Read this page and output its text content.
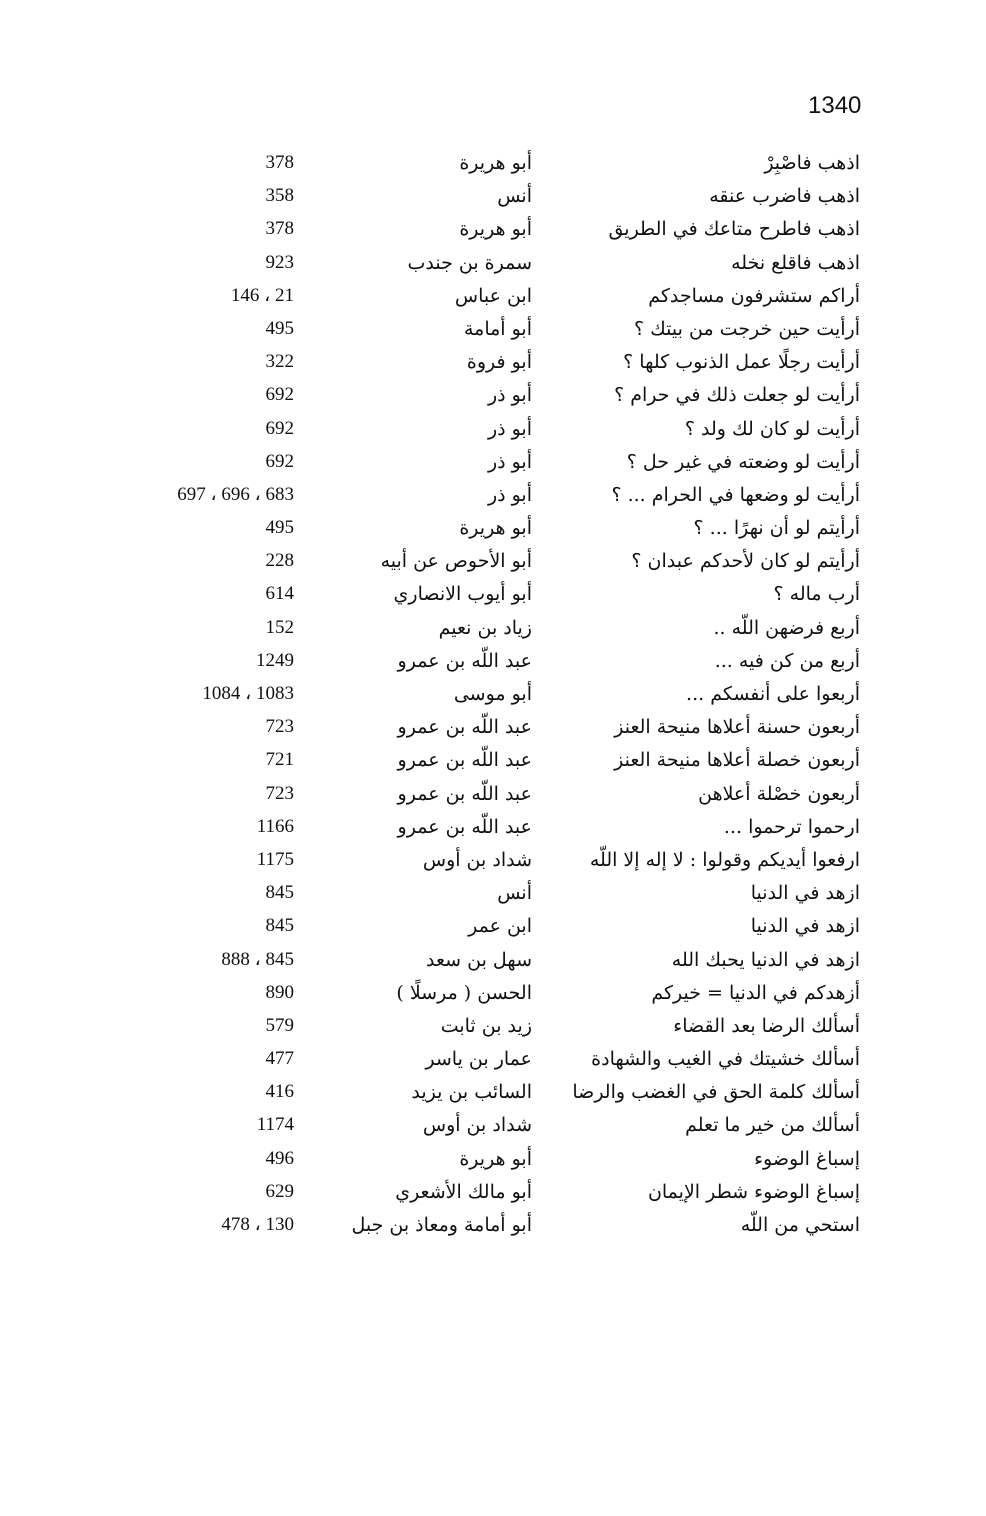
1340
اذهب فاصْبِرْ
أبو هريرة
378
اذهب فاضرب عنقه
أنس
358
اذهب فاطرح متاعك في الطريق
أبو هريرة
378
اذهب فاقلع نخله
سمرة بن جندب
923
أراكم ستشرفون مساجدكم
ابن عباس
21 ، 146
أرأيت حين خرجت من بيتك ؟
أبو أمامة
495
أرأيت رجلًا عمل الذنوب كلها ؟
أبو فروة
322
أرأيت لو جعلت ذلك في حرام ؟
أبو ذر
692
أرأيت لو كان لك ولد ؟
أبو ذر
692
أرأيت لو وضعته في غير حل ؟
أبو ذر
692
أرأيت لو وضعها في الحرام ... ؟
أبو ذر
683 ، 696 ، 697
أرأيتم لو أن نهرًا ... ؟
أبو هريرة
495
أرأيتم لو كان لأحدكم عبدان ؟
أبو الأحوص عن أبيه
228
أرب ماله ؟
أبو أيوب الانصاري
614
أربع فرضهن اللّه ..
زياد بن نعيم
152
أربع من كن فيه ...
عبد اللّه بن عمرو
1249
أربعوا على أنفسكم ...
أبو موسى
1083 ، 1084
أربعون حسنة أعلاها منيحة العنز
عبد اللّه بن عمرو
723
أربعون خصلة أعلاها منيحة العنز
عبد اللّه بن عمرو
721
أربعون خصْلة أعلاهن
عبد اللّه بن عمرو
723
ارحموا ترحموا ...
عبد اللّه بن عمرو
1166
ارفعوا أيديكم وقولوا : لا إله إلا اللّه
شداد بن أوس
1175
ازهد في الدنيا
أنس
845
ازهد في الدنيا
ابن عمر
845
ازهد في الدنيا يحبك الله
سهل بن سعد
845 ، 888
أزهدكم في الدنيا = خيركم
الحسن ( مرسلًا )
890
أسألك الرضا بعد القضاء
زيد بن ثابت
579
أسألك خشيتك في الغيب والشهادة
عمار بن ياسر
477
أسألك كلمة الحق في الغضب والرضا
السائب بن يزيد
416
أسألك من خير ما تعلم
شداد بن أوس
1174
إسباغ الوضوء
أبو هريرة
496
إسباغ الوضوء شطر الإيمان
أبو مالك الأشعري
629
استحي من اللّه
أبو أمامة ومعاذ بن جبل
130 ، 478
